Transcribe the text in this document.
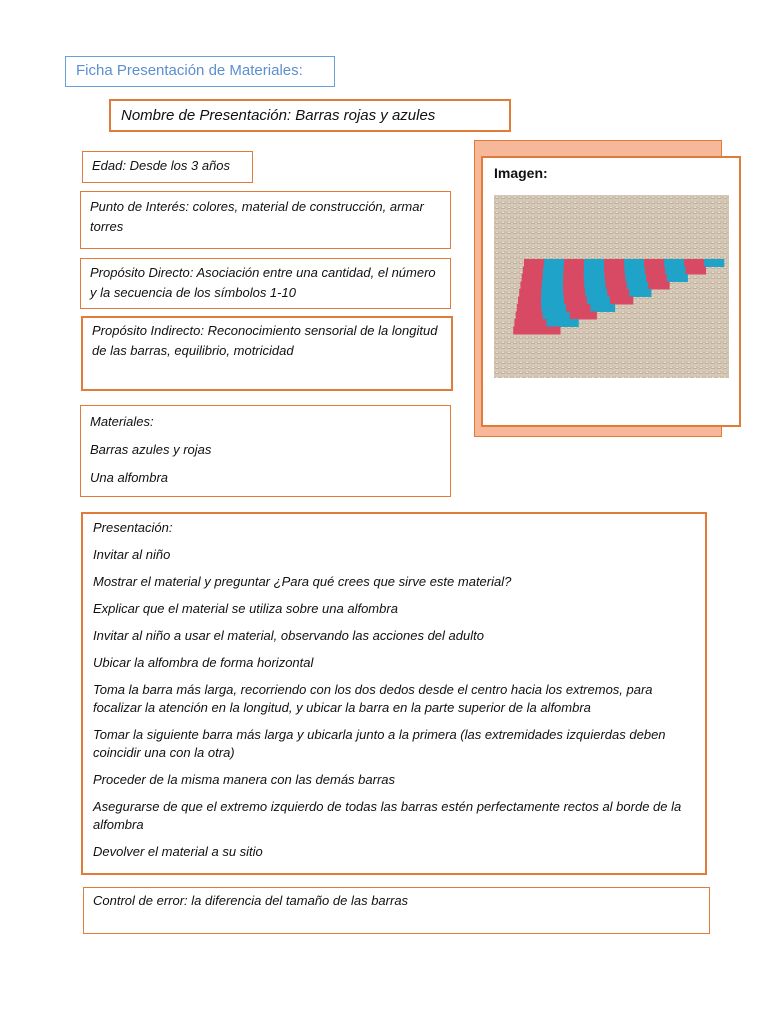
Ficha Presentación de Materiales:
Nombre de Presentación: Barras rojas y azules
Edad: Desde los 3 años

Punto de Interés: colores, material de construcción, armar torres

Propósito Directo: Asociación entre una cantidad, el número y la secuencia de los símbolos 1-10

Propósito Indirecto: Reconocimiento sensorial de la longitud de las barras, equilibrio, motricidad

Materiales:

Barras azules y rojas

Una alfombra

Imagen:

Presentación:

Invitar al niño

Mostrar el material y preguntar ¿Para qué crees que sirve este material?

Explicar que el material se utiliza sobre una alfombra

Invitar al niño a usar el material, observando las acciones del adulto

Ubicar la alfombra de forma horizontal

Toma la barra más larga, recorriendo con los dos dedos desde el centro hacia los extremos, para focalizar la atención en la longitud, y ubicar la barra en la parte superior de la alfombra

Tomar la siguiente barra más larga y ubicarla junto a la primera (las extremidades izquierdas deben coincidir una con la otra)

Proceder de la misma manera con las demás barras

Asegurarse de que el extremo izquierdo de todas las barras estén perfectamente rectos al borde de la alfombra

Devolver el material a su sitio

Control de error: la diferencia del tamaño de las barras
